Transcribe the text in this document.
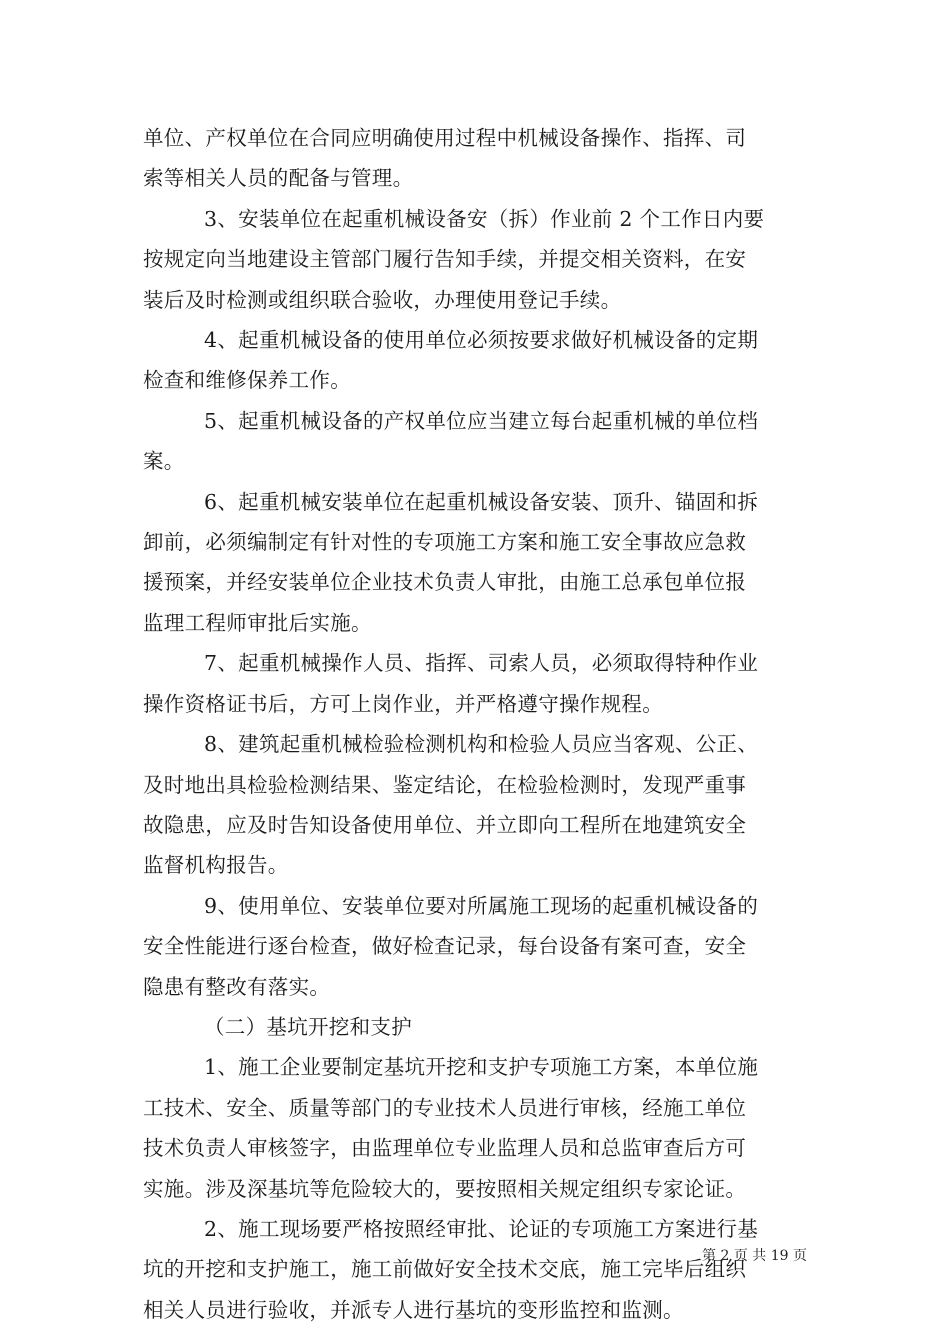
单位、产权单位在合同应明确使用过程中机械设备操作、指挥、司
索等相关人员的配备与管理。
3、安装单位在起重机械设备安（拆）作业前 2 个工作日内要
按规定向当地建设主管部门履行告知手续，并提交相关资料，在安
装后及时检测或组织联合验收，办理使用登记手续。
4、起重机械设备的使用单位必须按要求做好机械设备的定期
检查和维修保养工作。
5、起重机械设备的产权单位应当建立每台起重机械的单位档
案。
6、起重机械安装单位在起重机械设备安装、顶升、锚固和拆
卸前，必须编制定有针对性的专项施工方案和施工安全事故应急救
援预案，并经安装单位企业技术负责人审批，由施工总承包单位报
监理工程师审批后实施。
7、起重机械操作人员、指挥、司索人员，必须取得特种作业
操作资格证书后，方可上岗作业，并严格遵守操作规程。
8、建筑起重机械检验检测机构和检验人员应当客观、公正、
及时地出具检验检测结果、鉴定结论，在检验检测时，发现严重事
故隐患，应及时告知设备使用单位、并立即向工程所在地建筑安全
监督机构报告。
9、使用单位、安装单位要对所属施工现场的起重机械设备的
安全性能进行逐台检查，做好检查记录，每台设备有案可查，安全
隐患有整改有落实。
（二）基坑开挖和支护
1、施工企业要制定基坑开挖和支护专项施工方案，本单位施
工技术、安全、质量等部门的专业技术人员进行审核，经施工单位
技术负责人审核签字，由监理单位专业监理人员和总监审查后方可
实施。涉及深基坑等危险较大的，要按照相关规定组织专家论证。
2、施工现场要严格按照经审批、论证的专项施工方案进行基
坑的开挖和支护施工，施工前做好安全技术交底，施工完毕后组织
相关人员进行验收，并派专人进行基坑的变形监控和监测。
第 2 页 共 19 页
